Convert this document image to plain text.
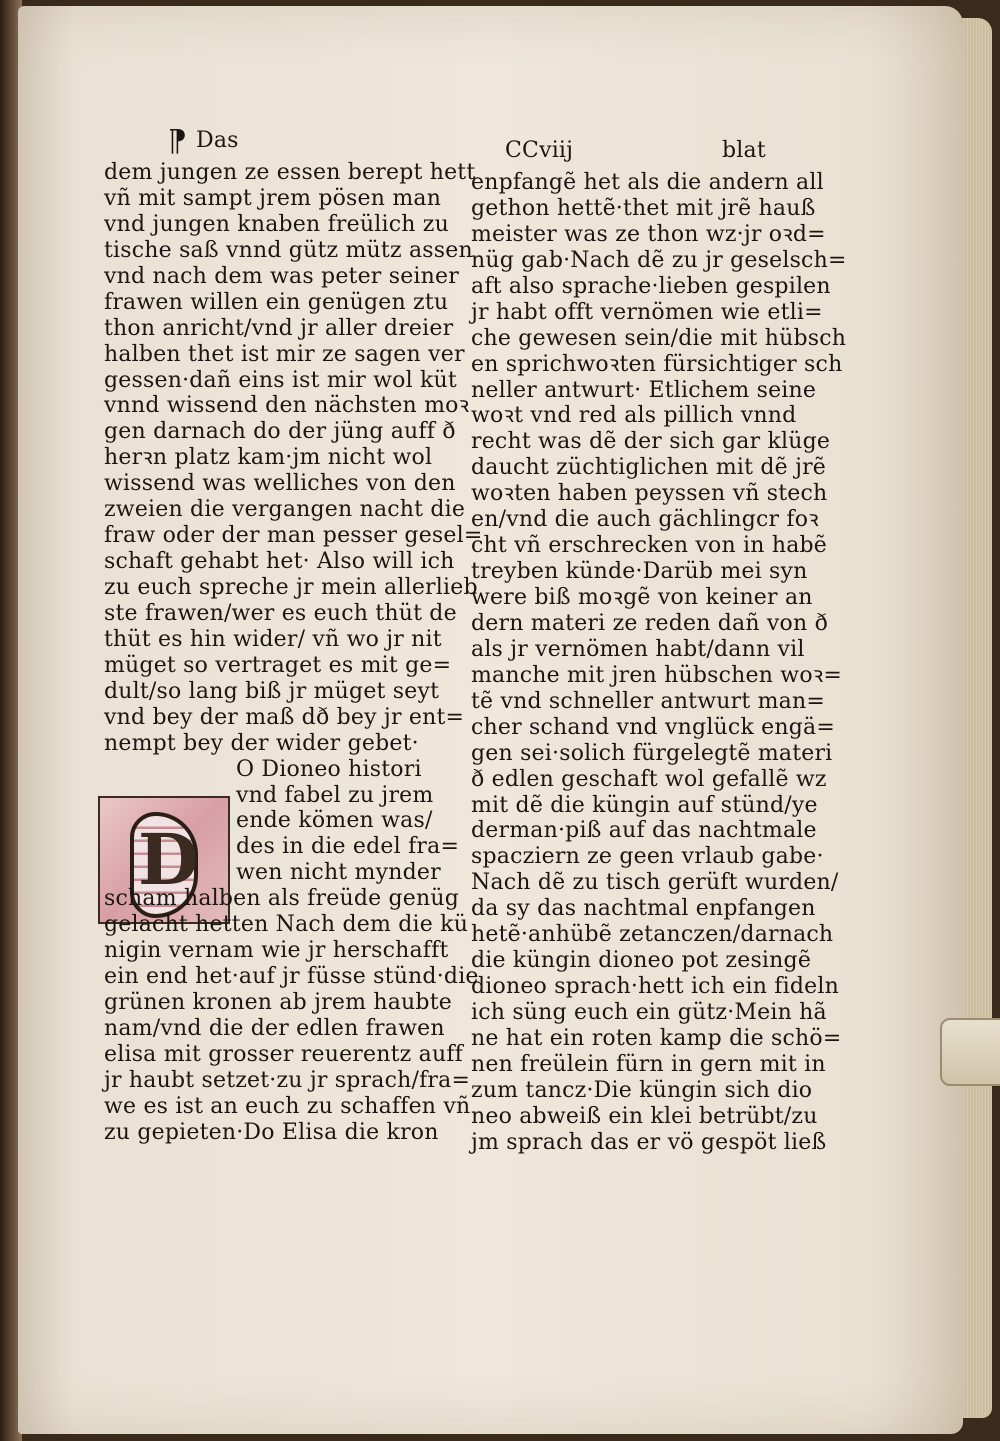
⁋ Das	CCviij	blat
D
dem jungen ze essen berept hett
vñ mit sampt jrem pösen man
vnd jungen knaben freülich zu
tische saß vnnd gütz mütz assen
vnd nach dem was peter seiner
frawen willen ein genügen ztu
thon anricht/vnd jr aller dreier
halben thet ist mir ze sagen ver
gessen·dañ eins ist mir wol küt
vnnd wissend den nächsten moꝛ
gen darnach do der jüng auff ð
herꝛn platz kam·jm nicht wol
wissend was welliches von den
zweien die vergangen nacht die
fraw oder der man pesser gesel=
schaft gehabt het· Also will ich
zu euch spreche jr mein allerlieb
ste frawen/wer es euch thüt de
thüt es hin wider/ vñ wo jr nit
müget so vertraget es mit ge=
dult/so lang biß jr müget seyt
vnd bey der maß dð bey jr ent=
nempt bey der wider gebet·
O Dioneo histori
vnd fabel zu jrem
ende kömen was/
des in die edel fra=
wen nicht mynder
scham halben als freüde genüg
gelacht hetten Nach dem die kü
nigin vernam wie jr herschafft
ein end het·auf jr füsse stünd·die
grünen kronen ab jrem haubte
nam/vnd die der edlen frawen
elisa mit grosser reuerentz auff
jr haubt setzet·zu jr sprach/fra=
we es ist an euch zu schaffen vñ
zu gepieten·Do Elisa die kron
enpfangẽ het als die andern all
gethon hettẽ·thet mit jrẽ hauß
meister was ze thon wz·jr oꝛd=
nüg gab·Nach dẽ zu jr geselsch=
aft also sprache·lieben gespilen
jr habt offt vernömen wie etli=
che gewesen sein/die mit hübsch
en sprichwoꝛten fürsichtiger sch
neller antwurt· Etlichem seine
woꝛt vnd red als pillich vnnd
recht was dẽ der sich gar klüge
daucht züchtiglichen mit dẽ jrẽ
woꝛten haben peyssen vñ stech
en/vnd die auch gächlingcr foꝛ
cht vñ erschrecken von in habẽ
treyben künde·Darüb mei syn
were biß moꝛgẽ von keiner an
dern materi ze reden dañ von ð
als jr vernömen habt/dann vil
manche mit jren hübschen woꝛ=
tẽ vnd schneller antwurt man=
cher schand vnd vnglück engä=
gen sei·solich fürgelegtẽ materi
ð edlen geschaft wol gefallẽ wz
mit dẽ die küngin auf stünd/ye
derman·piß auf das nachtmale
spacziern ze geen vrlaub gabe·
Nach dẽ zu tisch gerüft wurden/
da sy das nachtmal enpfangen
hetẽ·anhübẽ zetanczen/darnach
die küngin dioneo pot zesingẽ
dioneo sprach·hett ich ein fideln
ich süng euch ein gütz·Mein hã
ne hat ein roten kamp die schö=
nen freülein fürn in gern mit in
zum tancz·Die küngin sich dio
neo abweiß ein klei betrübt/zu
jm sprach das er vö gespöt ließ
